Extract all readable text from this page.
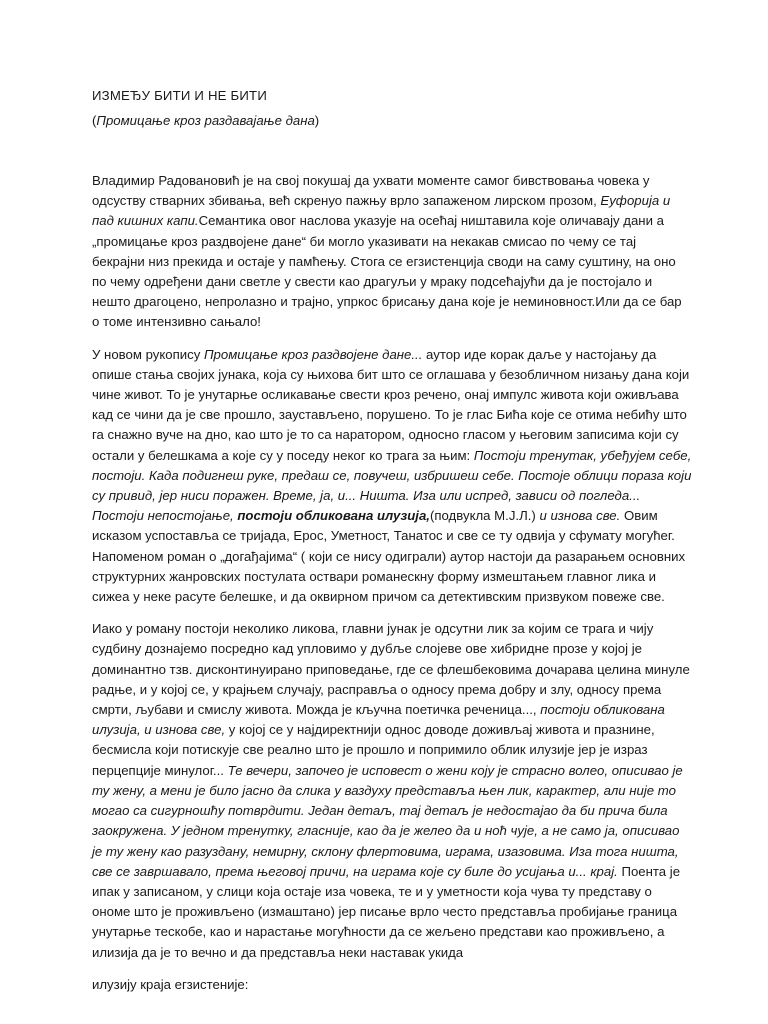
ИЗМЕЂУ БИТИ И НЕ БИТИ
(Промицање кроз раздавајање дана)

Владимир Радовановић је на свој покушај да ухвати моменте самог бивствовања човека у одсуству стварних збивања, већ скренуо пажњу врло запаженом лирском прозом, Еуфорија и пад кишних капи.Семантика овог наслова указује на осећај ништавила које оличавају дани а „промицање кроз раздвојене дане“ би могло указивати на некакав смисао по чему се тај бекрајни низ прекида и остаје у памћењу. Стога се егзистенција своди на саму суштину, на оно по чему одређени дани светле у свести као драгуљи у мраку подсећајући да је постојало и нешто драгоцено, непролазно и трајно, упркос брисању дана које је неминовност.Или да се бар о томе интензивно сањало!

У новом рукопису Промицање кроз раздвојене дане... аутор иде корак даље у настојању да опише стања својих јунака, која су њихова бит што се оглашава у безобличном низању дана који чине живот. То је унутарње осликавање свести кроз речено, онај импулс живота који оживљава кад се чини да је све прошло, заустављено, порушено. То је глас Бића које се отима небићу што га снажно вуче на дно, као што је то са наратором, односно гласом у његовим записима који су остали у белешкама а које су у поседу неког ко трага за њим: Постоји тренутак, убеђујем себе, постоји. Када подигнеш руке, предаш се, повучеш, избришеш себе. Постоје облици пораза који су привид, јер ниси поражен. Време, ја, и... Ништа. Иза или испред, зависи од погледа... Постоји непостојање, постоји обликована илузија,(подвукла М.Ј.Л.) и изнова све. Овим исказом успоставља се тријада, Ерос, Уметност, Танатос и све се ту одвија у сфумату могућег. Напоменом роман о „догађајима“ ( који се нису одиграли) аутор настоји да разарањем основних структурних жанровских постулата оствари романескну форму измештањем главног лика и сижеа у неке расуте белешке, и да оквирном причом са детективским призвуком повеже све.

Иако у роману постоји неколико ликова, главни јунак је одсутни лик за којим се трага и чију судбину дознајемо посредно кад упловимо у дубље слојеве ове хибридне прозе у којој је доминантно тзв. дисконтинуирано приповедање, где се флешбековима дочарава целина минуле радње, и у којој се, у крајњем случају, расправља о односу према добру и злу, односу према смрти, љубави и смислу живота. Можда је кључна поетичка реченица..., постоји обликована илузија, и изнова све, у којој се у најдиректнији однос доводе доживљај живота и празнине, бесмисла који потискује све реално што је прошло и попримило облик илузије јер је израз перцепције минулог... Те вечери, започео је исповест о жени коју је страсно волео, описивао је ту жену, а мени је било јасно да слика у ваздуху представља њен лик, карактер, али није то могао са сигурношћу потврдити. Један детаљ, тај детаљ је недостајао да би прича била заокружена. У једном тренутку, гласније, као да је желео да и ноћ чује, а не само ја, описивао је ту жену као разуздану, немирну, склону флертовима, играма, изазовима. Иза тога ништа, све се завршавало, према његовој причи, на играма које су биле до усијања и... крај. Поента је ипак у записаном, у слици која остаје иза човека, те и у уметности која чува ту представу о ономе што је проживљено (измаштано) јер писање врло често представља пробијање граница унутарње тескобе, као и нарастање могућности да се жељено представи као проживљено, а илизија да је то вечно и да представља неки наставак укида

илузију краја егзистеније:
